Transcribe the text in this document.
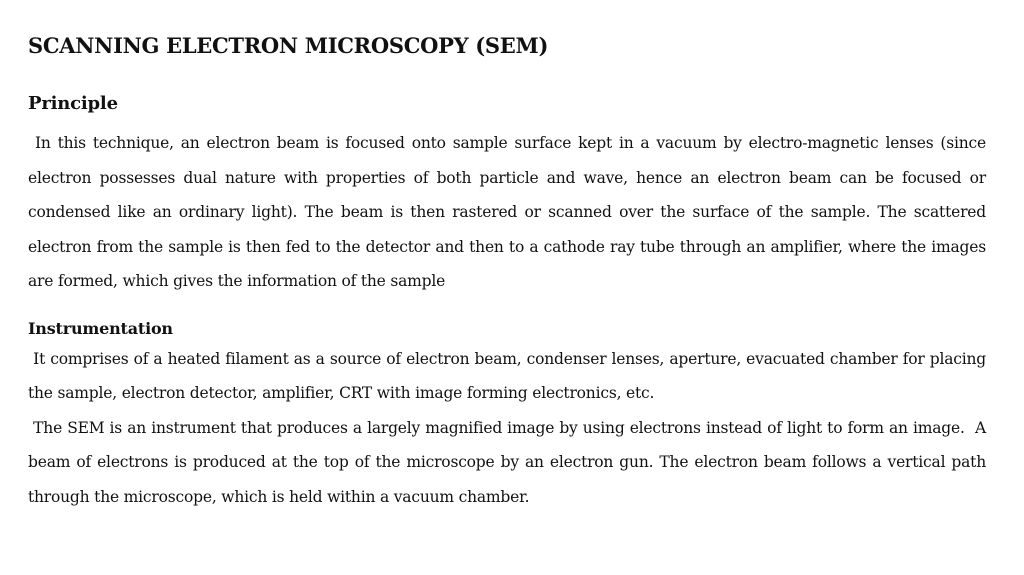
SCANNING ELECTRON MICROSCOPY (SEM)
Principle
In this technique, an electron beam is focused onto sample surface kept in a vacuum by electro-magnetic lenses (since electron possesses dual nature with properties of both particle and wave, hence an electron beam can be focused or condensed like an ordinary light). The beam is then rastered or scanned over the surface of the sample. The scattered electron from the sample is then fed to the detector and then to a cathode ray tube through an amplifier, where the images are formed, which gives the information of the sample
Instrumentation
It comprises of a heated filament as a source of electron beam, condenser lenses, aperture, evacuated chamber for placing the sample, electron detector, amplifier, CRT with image forming electronics, etc.
The SEM is an instrument that produces a largely magnified image by using electrons instead of light to form an image.  A beam of electrons is produced at the top of the microscope by an electron gun. The electron beam follows a vertical path through the microscope, which is held within a vacuum chamber.
